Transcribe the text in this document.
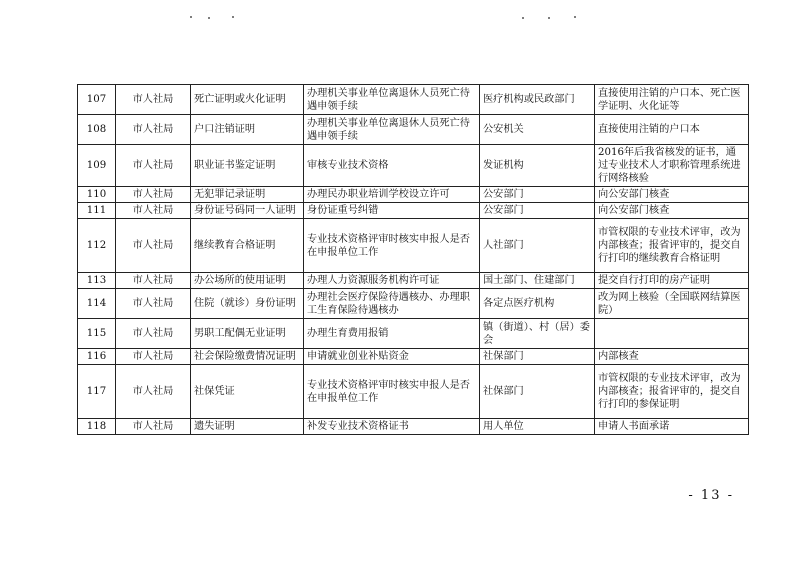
107	市人社局	死亡证明或火化证明	办理机关事业单位离退休人员死亡待遇申领手续	医疗机构或民政部门	直接使用注销的户口本、死亡医学证明、火化证等
108	市人社局	户口注销证明	办理机关事业单位离退休人员死亡待遇申领手续	公安机关	直接使用注销的户口本
109	市人社局	职业证书鉴定证明	审核专业技术资格	发证机构	2016年后我省核发的证书，通过专业技术人才职称管理系统进行网络核验
110	市人社局	无犯罪记录证明	办理民办职业培训学校设立许可	公安部门	向公安部门核查
111	市人社局	身份证号码同一人证明	身份证重号纠错	公安部门	向公安部门核查
112	市人社局	继续教育合格证明	专业技术资格评审时核实申报人是否在申报单位工作	人社部门	市管权限的专业技术评审，改为内部核查；报省评审的，提交自行打印的继续教育合格证明
113	市人社局	办公场所的使用证明	办理人力资源服务机构许可证	国土部门、住建部门	提交自行打印的房产证明
114	市人社局	住院（就诊）身份证明	办理社会医疗保险待遇核办、办理职工生育保险待遇核办	各定点医疗机构	改为网上核验（全国联网结算医院）
115	市人社局	男职工配偶无业证明	办理生育费用报销	镇（街道）、村（居）委会	
116	市人社局	社会保险缴费情况证明	申请就业创业补贴资金	社保部门	内部核查
117	市人社局	社保凭证	专业技术资格评审时核实申报人是否在申报单位工作	社保部门	市管权限的专业技术评审，改为内部核查；报省评审的，提交自行打印的参保证明
118	市人社局	遗失证明	补发专业技术资格证书	用人单位	申请人书面承诺
- 13 -
